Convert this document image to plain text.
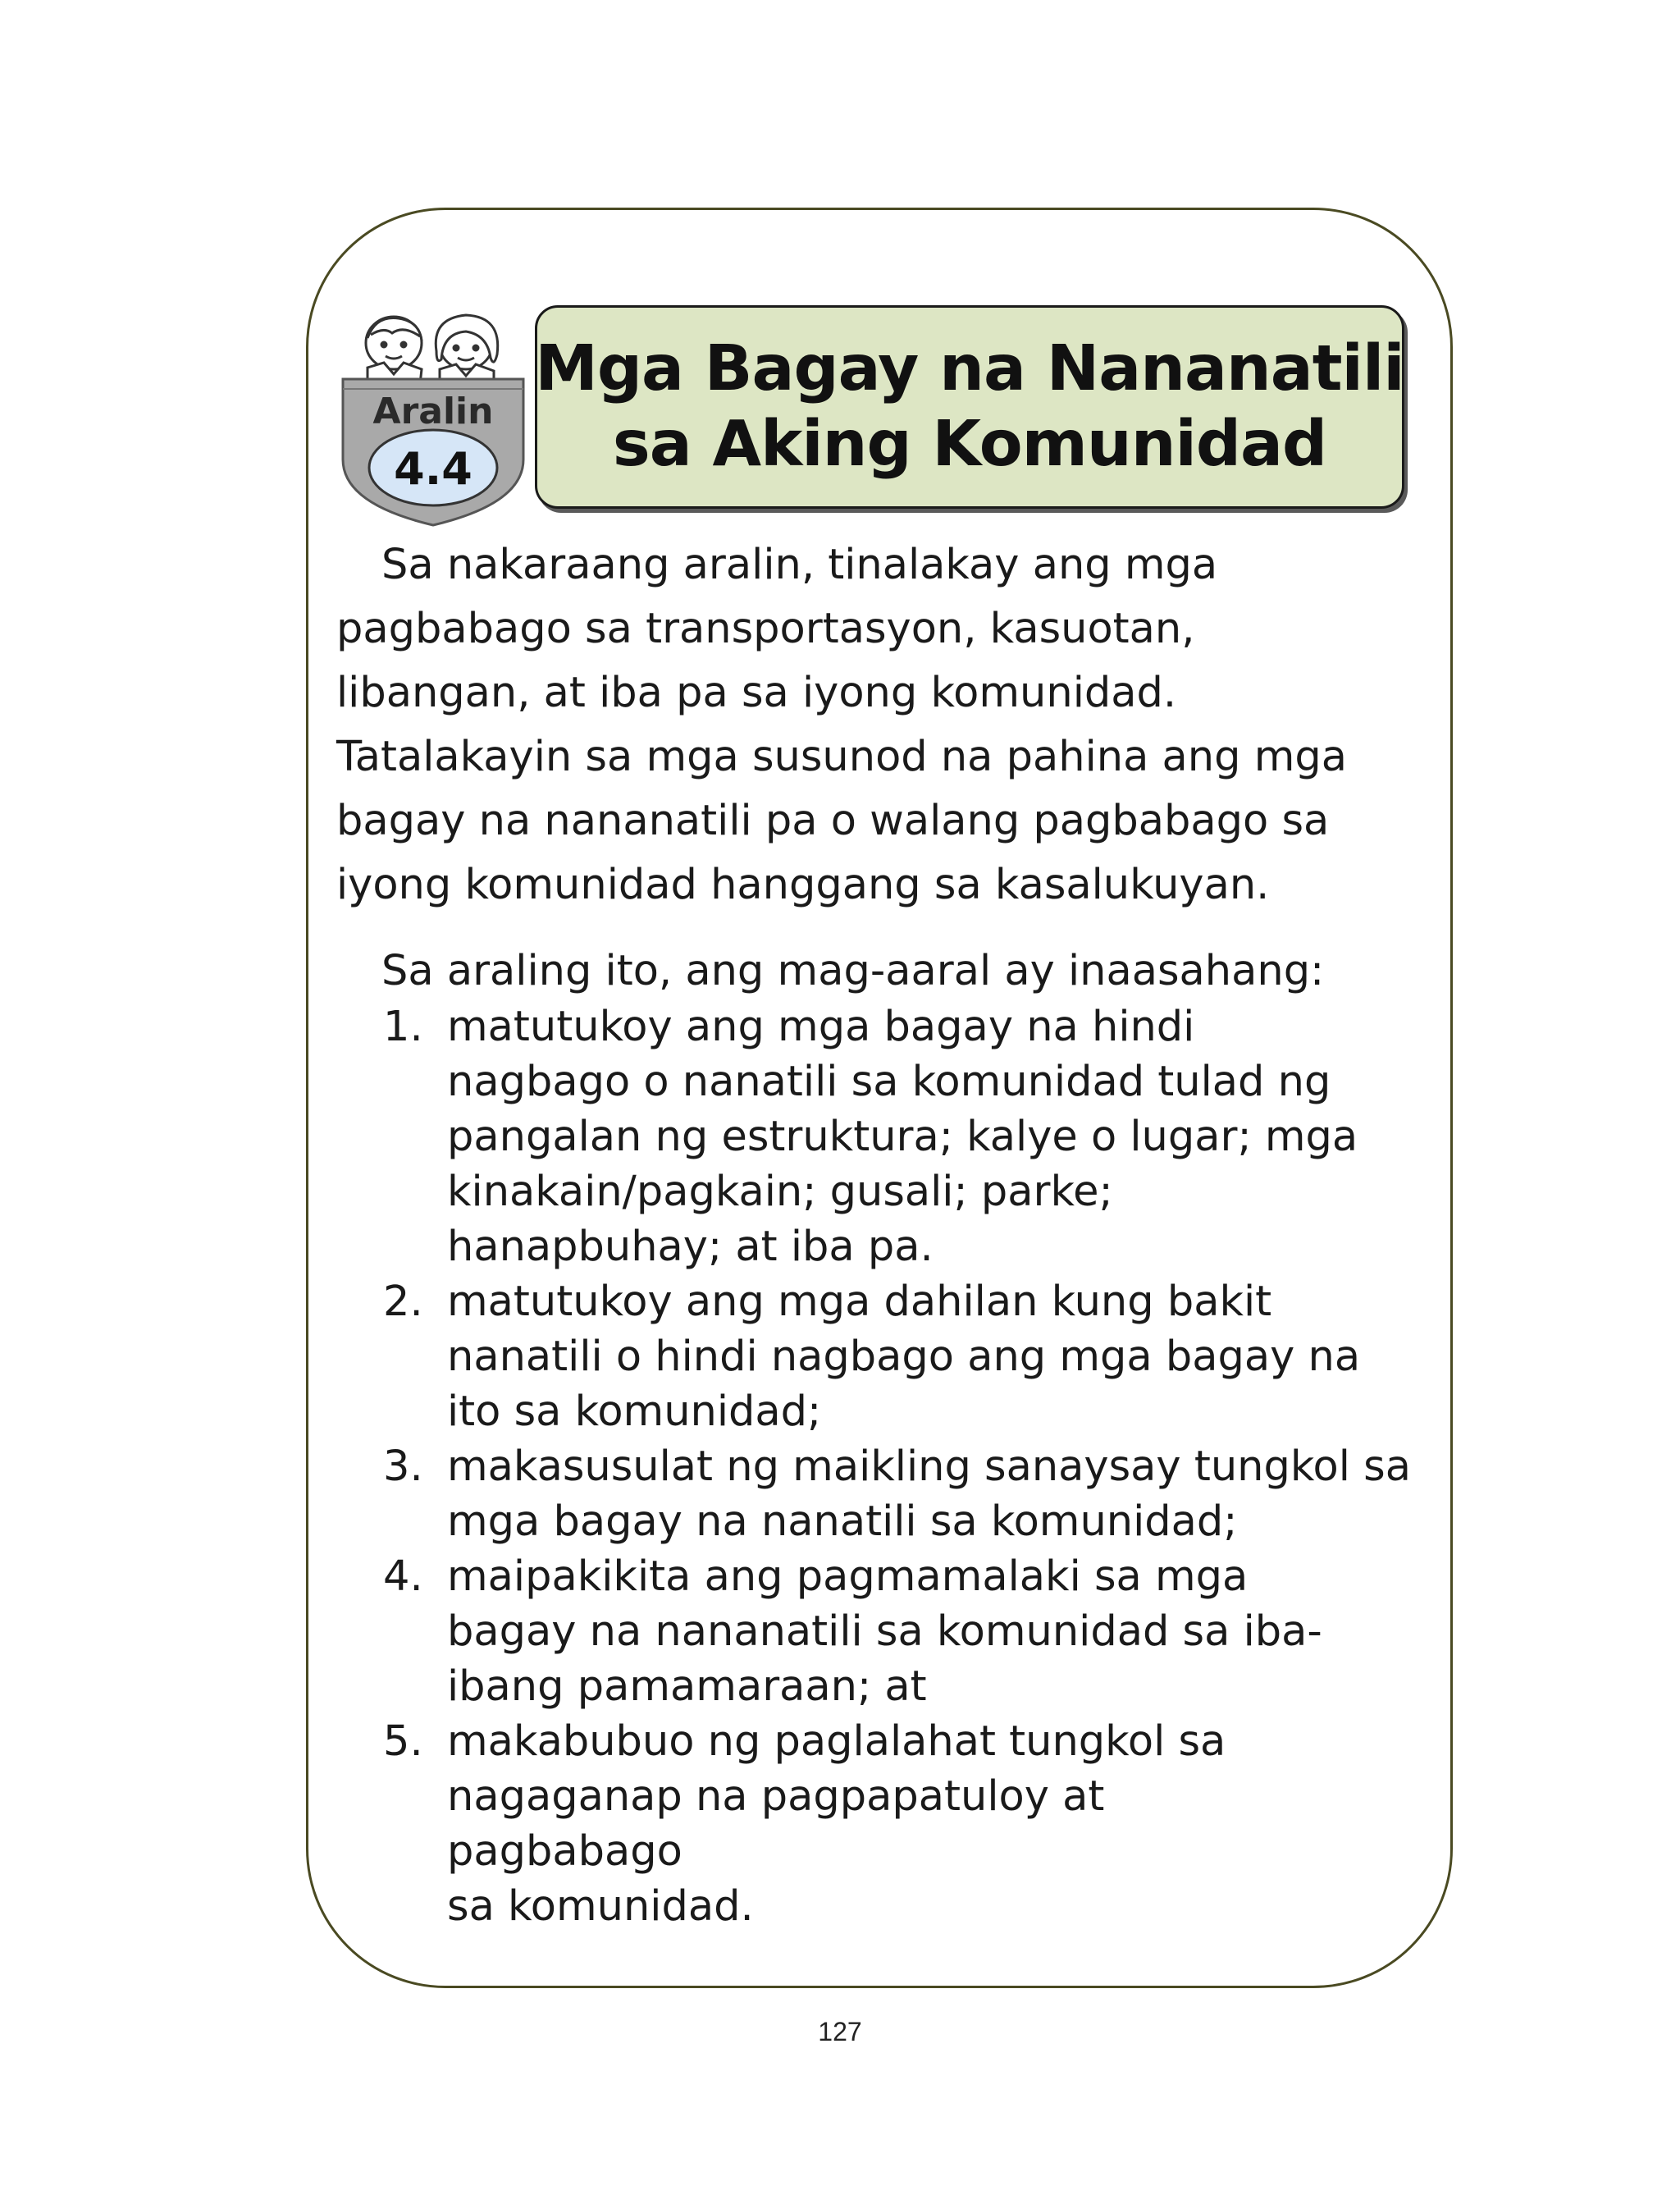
Aralin
4.4
Mga Bagay na Nananatili
sa Aking Komunidad

Sa nakaraang aralin, tinalakay ang mga
pagbabago sa transportasyon, kasuotan,
libangan, at iba pa sa iyong komunidad.
Tatalakayin sa mga susunod na pahina ang mga
bagay na nananatili pa o walang pagbabago sa
iyong komunidad hanggang sa kasalukuyan.

Sa araling ito, ang mag-aaral ay inaasahang:

1. matutukoy ang mga bagay na hindi
nagbago o nanatili sa komunidad tulad ng
pangalan ng estruktura; kalye o lugar; mga
kinakain/pagkain; gusali; parke;
hanapbuhay; at iba pa.
2. matutukoy ang mga dahilan kung bakit
nanatili o hindi nagbago ang mga bagay na
ito sa komunidad;
3. makasusulat ng maikling sanaysay tungkol sa
mga bagay na nanatili sa komunidad;
4. maipakikita ang pagmamalaki sa mga
bagay na nananatili sa komunidad sa iba-
ibang pamamaraan; at
5. makabubuo ng paglalahat tungkol sa
nagaganap na pagpapatuloy at
pagbabago
sa komunidad.
127
